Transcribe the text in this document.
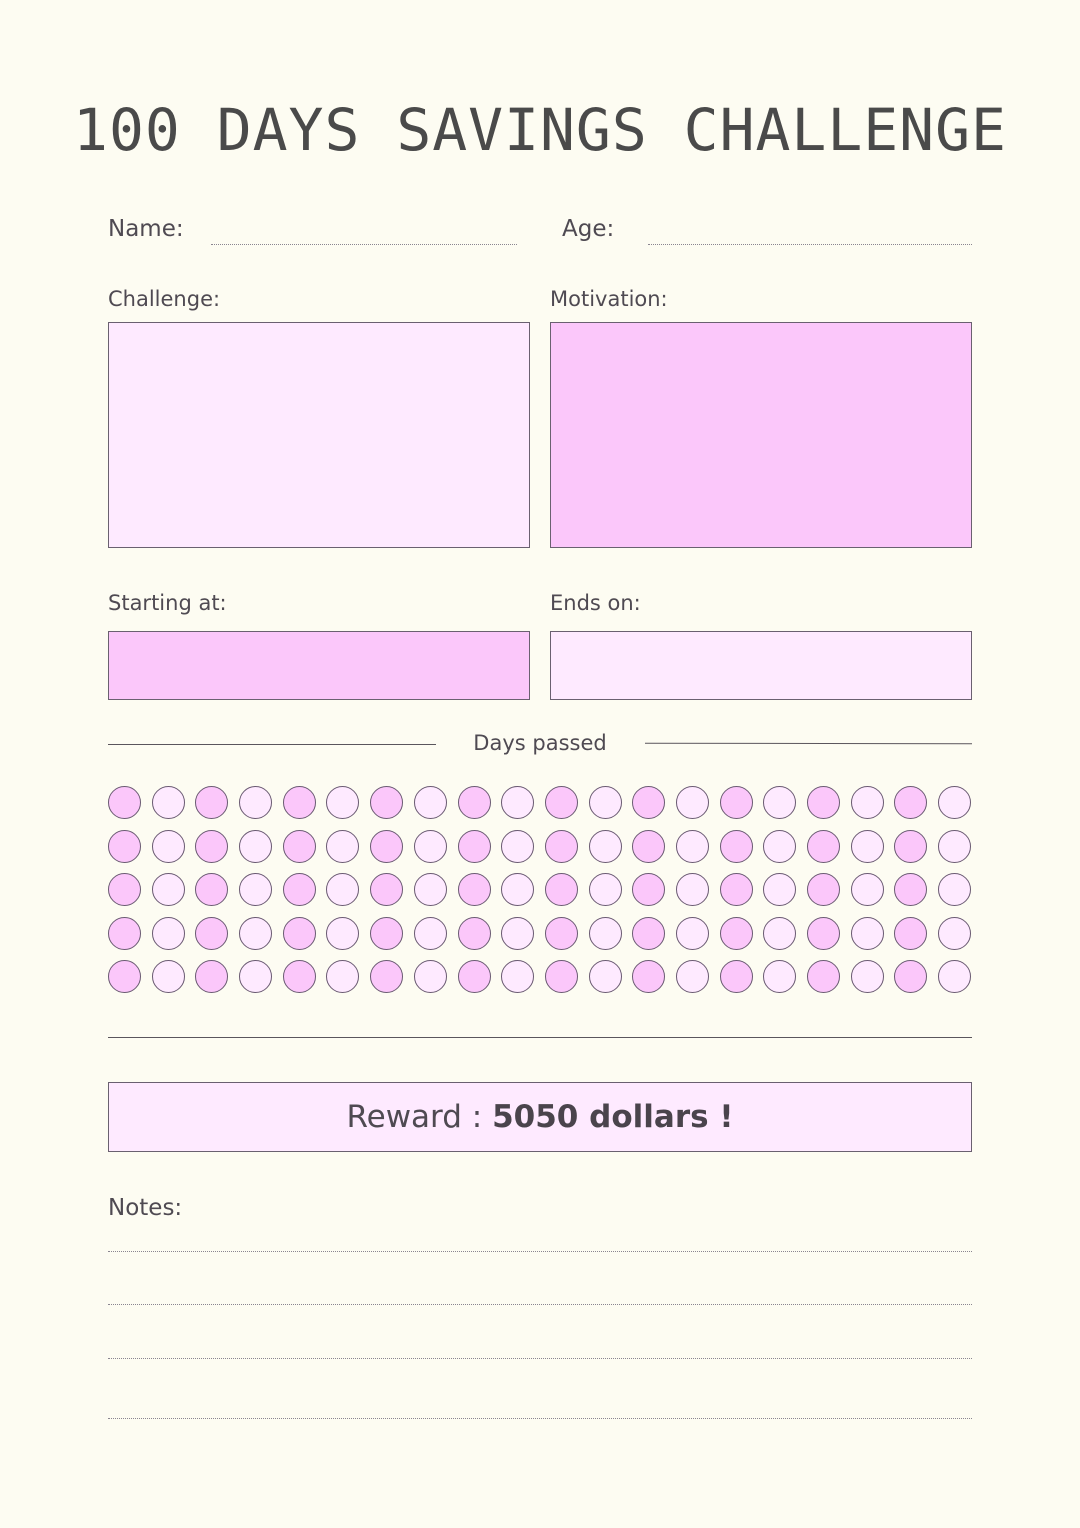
100 DAYS SAVINGS CHALLENGE
Name:	Age:
Challenge:	Motivation:
Starting at:	Ends on:
Days passed
Reward : 5050 dollars !
Notes:
